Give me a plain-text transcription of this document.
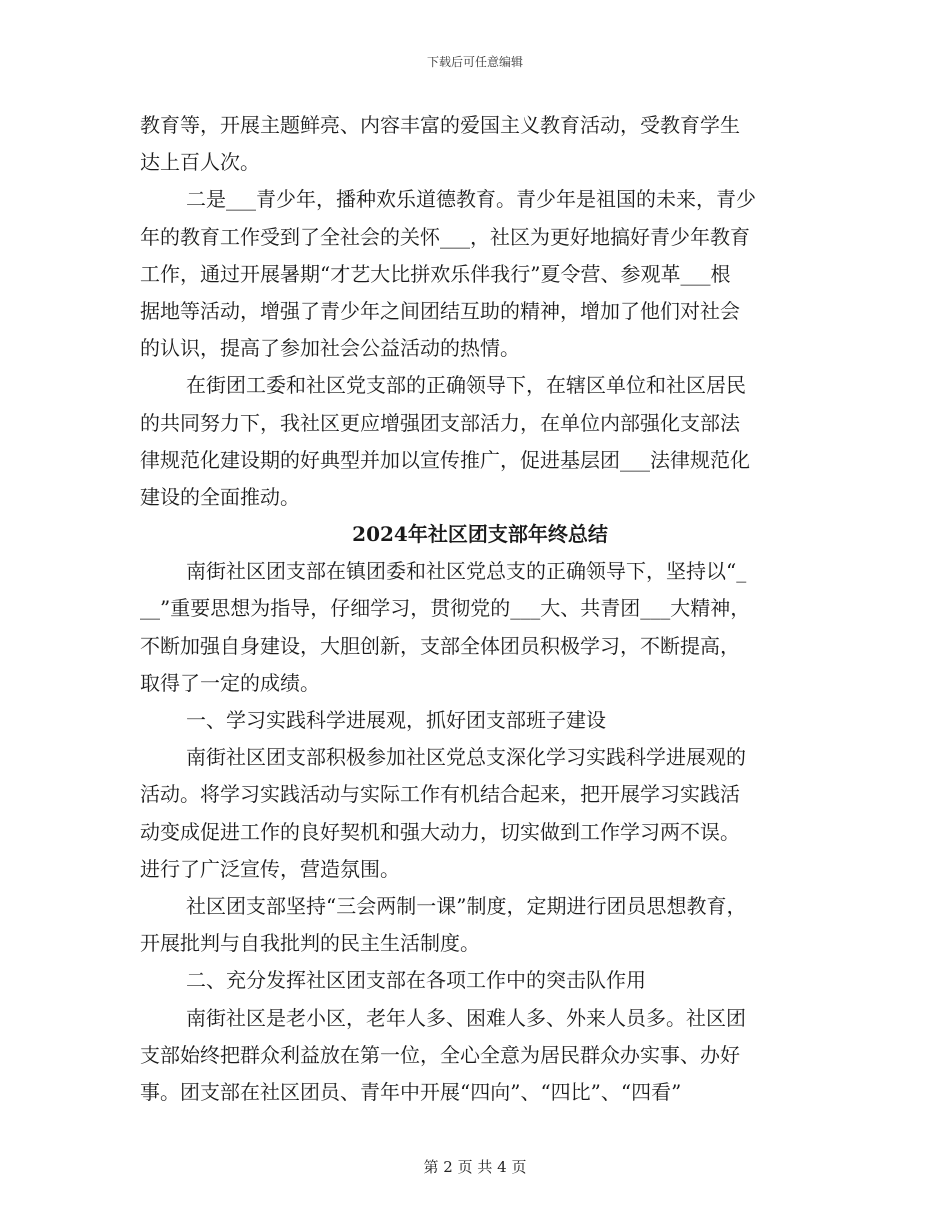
下载后可任意编辑
教育等，开展主题鲜亮、内容丰富的爱国主义教育活动，受教育学生
达上百人次。
二是___青少年，播种欢乐道德教育。青少年是祖国的未来，青少
年的教育工作受到了全社会的关怀___，社区为更好地搞好青少年教育
工作，通过开展暑期“才艺大比拼欢乐伴我行”夏令营、参观革___根
据地等活动，增强了青少年之间团结互助的精神，增加了他们对社会
的认识，提高了参加社会公益活动的热情。
在街团工委和社区党支部的正确领导下，在辖区单位和社区居民
的共同努力下，我社区更应增强团支部活力，在单位内部强化支部法
律规范化建设期的好典型并加以宣传推广，促进基层团___法律规范化
建设的全面推动。
2024年社区团支部年终总结
南街社区团支部在镇团委和社区党总支的正确领导下，坚持以“_
__”重要思想为指导，仔细学习，贯彻党的___大、共青团___大精神，
不断加强自身建设，大胆创新，支部全体团员积极学习，不断提高，
取得了一定的成绩。
一、学习实践科学进展观，抓好团支部班子建设
南街社区团支部积极参加社区党总支深化学习实践科学进展观的
活动。将学习实践活动与实际工作有机结合起来，把开展学习实践活
动变成促进工作的良好契机和强大动力，切实做到工作学习两不误。
进行了广泛宣传，营造氛围。
社区团支部坚持“三会两制一课”制度，定期进行团员思想教育，
开展批判与自我批判的民主生活制度。
二、充分发挥社区团支部在各项工作中的突击队作用
南街社区是老小区，老年人多、困难人多、外来人员多。社区团
支部始终把群众利益放在第一位，全心全意为居民群众办实事、办好
事。团支部在社区团员、青年中开展“四向”、“四比”、“四看”
第 2 页 共 4 页
